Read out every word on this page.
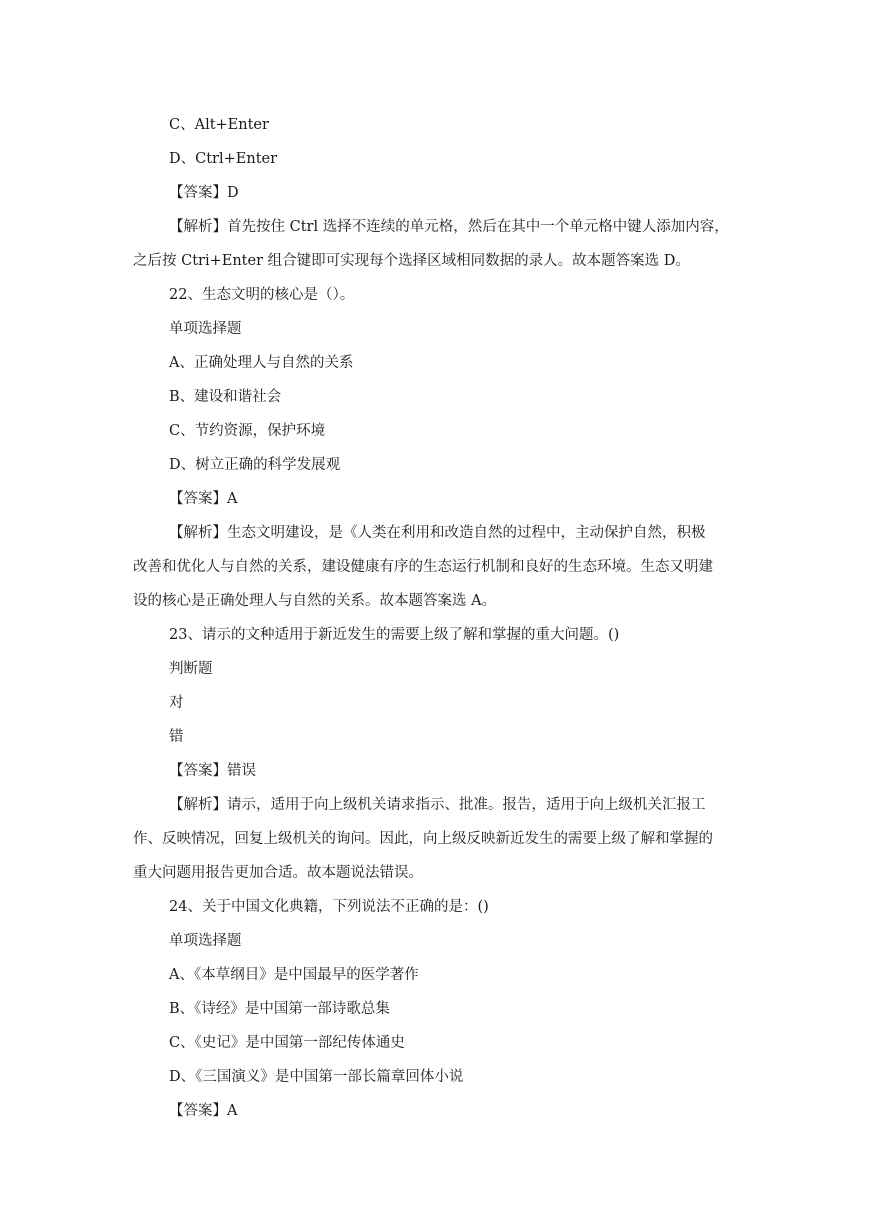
C、Alt+Enter
D、Ctrl+Enter
【答案】D
【解析】首先按住 Ctrl 选择不连续的单元格，然后在其中一个单元格中键人添加内容，
之后按 Ctri+Enter 组合键即可实现每个选择区域相同数据的录人。故本题答案选 D。
22、生态文明的核心是（）。
单项选择题
A、正确处理人与自然的关系
B、建设和谐社会
C、节约资源，保护环境
D、树立正确的科学发展观
【答案】A
【解析】生态文明建设，是《人类在利用和改造自然的过程中，主动保护自然，积极
改善和优化人与自然的关系，建设健康有序的生态运行机制和良好的生态环境。生态又明建
设的核心是正确处理人与自然的关系。故本题答案选 A。
23、请示的文种适用于新近发生的需要上级了解和掌握的重大问题。()
判断题
对
错
【答案】错误
【解析】请示，适用于向上级机关请求指示、批准。报告，适用于向上级机关汇报工
作、反映情况，回复上级机关的询问。因此，向上级反映新近发生的需要上级了解和掌握的
重大问题用报告更加合适。故本题说法错误。
24、关于中国文化典籍，下列说法不正确的是：()
单项选择题
A、《本草纲目》是中国最早的医学著作
B、《诗经》是中国第一部诗歌总集
C、《史记》是中国第一部纪传体通史
D、《三国演义》是中国第一部长篇章回体小说
【答案】A
